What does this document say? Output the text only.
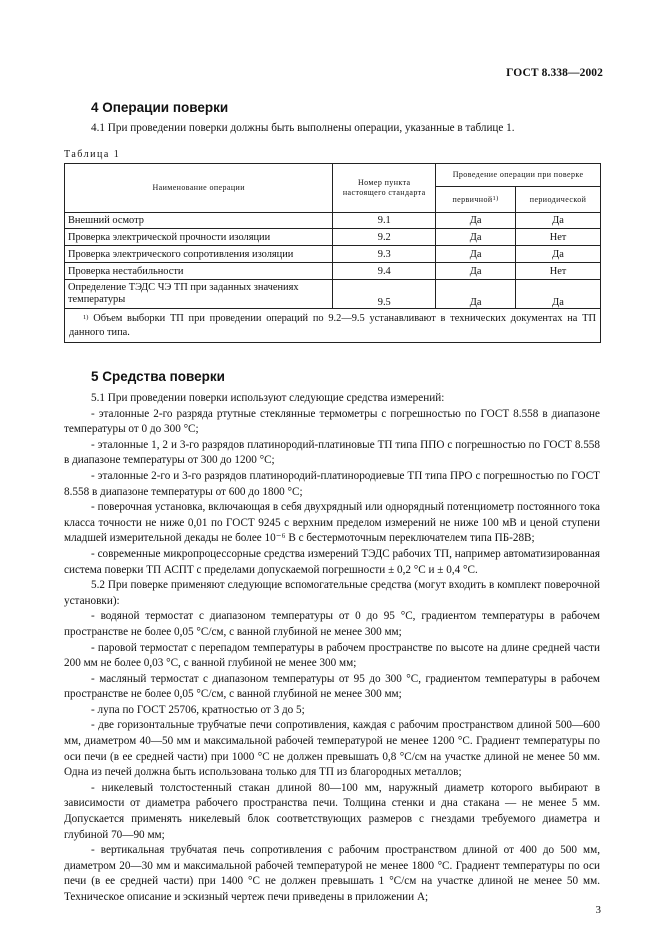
ГОСТ 8.338—2002
4 Операции поверки
4.1 При проведении поверки должны быть выполнены операции, указанные в таблице 1.
Таблица 1
Наименование операции	Номер пункта настоящего стандарта	Проведение операции при поверке	
		первичной$^{1)}$	периодической
Внешний осмотр	9.1	Да	Да
Проверка электрической прочности изоляции	9.2	Да	Нет
Проверка электрического сопротивления изоляции	9.3	Да	Да
Проверка нестабильности	9.4	Да	Нет
Определение ТЭДС ЧЭ ТП при заданных значениях температуры	9.5	Да	Да
$^{1)}$ Объем выборки ТП при проведении операций по 9.2—9.5 устанавливают в технических документах на ТП данного типа.			
5 Средства поверки
5.1 При проведении поверки используют следующие средства измерений:
- эталонные 2-го разряда ртутные стеклянные термометры с погрешностью по ГОСТ 8.558 в диапазоне температуры от 0 до 300 °С;
- эталонные 1, 2 и 3-го разрядов платинородий-платиновые ТП типа ППО с погрешностью по ГОСТ 8.558 в диапазоне температуры от 300 до 1200 °С;
- эталонные 2-го и 3-го разрядов платинородий-платинородиевые ТП типа ПРО с погрешностью по ГОСТ 8.558 в диапазоне температуры от 600 до 1800 °С;
- поверочная установка, включающая в себя двухрядный или однорядный потенциометр постоянного тока класса точности не ниже 0,01 по ГОСТ 9245 с верхним пределом измерений не ниже 100 мВ и ценой ступени младшей измерительной декады не более 10⁻⁶ В с бестермоточным переключателем типа ПБ-28В;
- современные микропроцессорные средства измерений ТЭДС рабочих ТП, например автоматизированная система поверки ТП АСПТ с пределами допускаемой погрешности ± 0,2 °С и ± 0,4 °С.
5.2 При поверке применяют следующие вспомогательные средства (могут входить в комплект поверочной установки):
- водяной термостат с диапазоном температуры от 0 до 95 °С, градиентом температуры в рабочем пространстве не более 0,05 °С/см, с ванной глубиной не менее 300 мм;
- паровой термостат с перепадом температуры в рабочем пространстве по высоте на длине средней части 200 мм не более 0,03 °С, с ванной глубиной не менее 300 мм;
- масляный термостат с диапазоном температуры от 95 до 300 °С, градиентом температуры в рабочем пространстве не более 0,05 °С/см, с ванной глубиной не менее 300 мм;
- лупа по ГОСТ 25706, кратностью от 3 до 5;
- две горизонтальные трубчатые печи сопротивления, каждая с рабочим пространством длиной 500—600 мм, диаметром 40—50 мм и максимальной рабочей температурой не менее 1200 °С. Градиент температуры по оси печи (в ее средней части) при 1000 °С не должен превышать 0,8 °С/см на участке длиной не менее 50 мм. Одна из печей должна быть использована только для ТП из благородных металлов;
- никелевый толстостенный стакан длиной 80—100 мм, наружный диаметр которого выбирают в зависимости от диаметра рабочего пространства печи. Толщина стенки и дна стакана — не менее 5 мм. Допускается применять никелевый блок соответствующих размеров с гнездами требуемого диаметра и глубиной 70—90 мм;
- вертикальная трубчатая печь сопротивления с рабочим пространством длиной от 400 до 500 мм, диаметром 20—30 мм и максимальной рабочей температурой не менее 1800 °С. Градиент температуры по оси печи (в ее средней части) при 1400 °С не должен превышать 1 °С/см на участке длиной не менее 50 мм. Техническое описание и эскизный чертеж печи приведены в приложении А;
3
